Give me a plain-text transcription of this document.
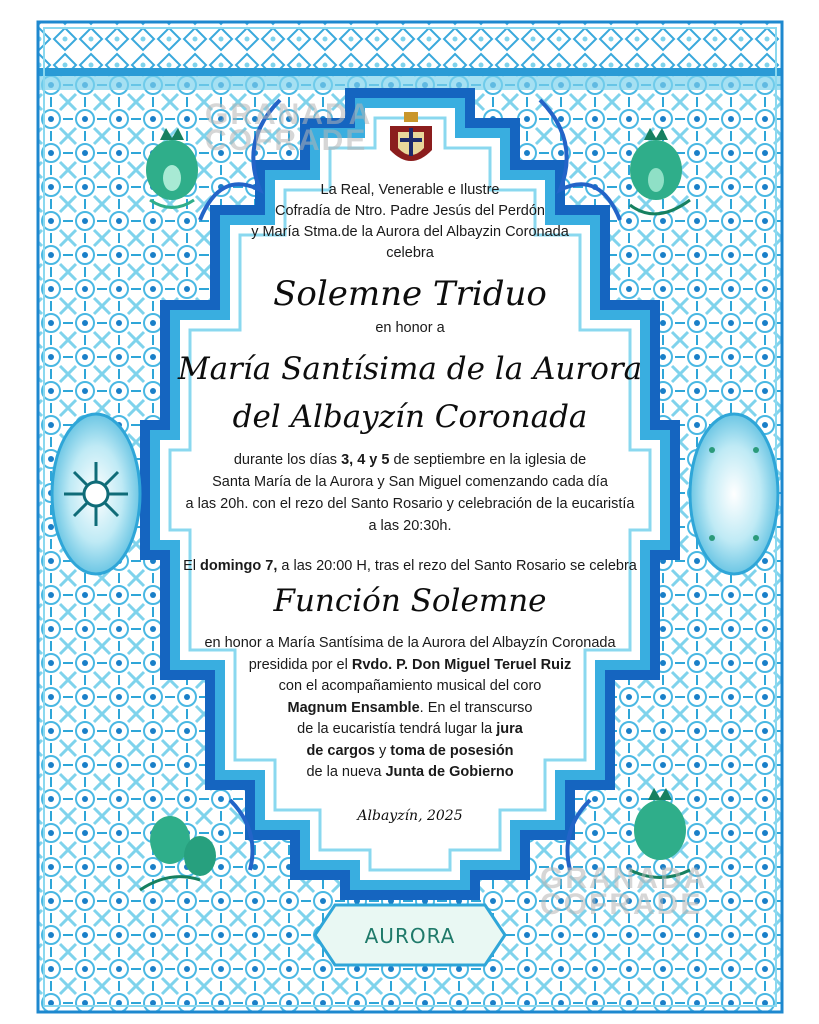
GRANADA
COFRADE
GRANADA
COFRADE
La Real, Venerable e Ilustre
Cofradía de Ntro. Padre Jesús del Perdón
y María Stma.de la Aurora del Albayzin Coronada
celebra
Solemne Triduo
en honor a
María Santísima de la Aurora
del Albayzín Coronada
durante los días 3, 4 y 5 de septiembre en la iglesia de
Santa María de la Aurora y San Miguel comenzando cada día
a las 20h. con el rezo del Santo Rosario y celebración de la eucaristía
a las 20:30h.
El domingo 7, a las 20:00 H, tras el rezo del Santo Rosario se celebra
Función Solemne
en honor a María Santísima de la Aurora del Albayzín Coronada
presidida por el Rvdo. P. Don Miguel Teruel Ruiz
con el acompañamiento musical del coro
Magnum Ensamble. En el transcurso
de la eucaristía tendrá lugar la jura
de cargos y toma de posesión
de la nueva Junta de Gobierno
Albayzín, 2025
AURORA
